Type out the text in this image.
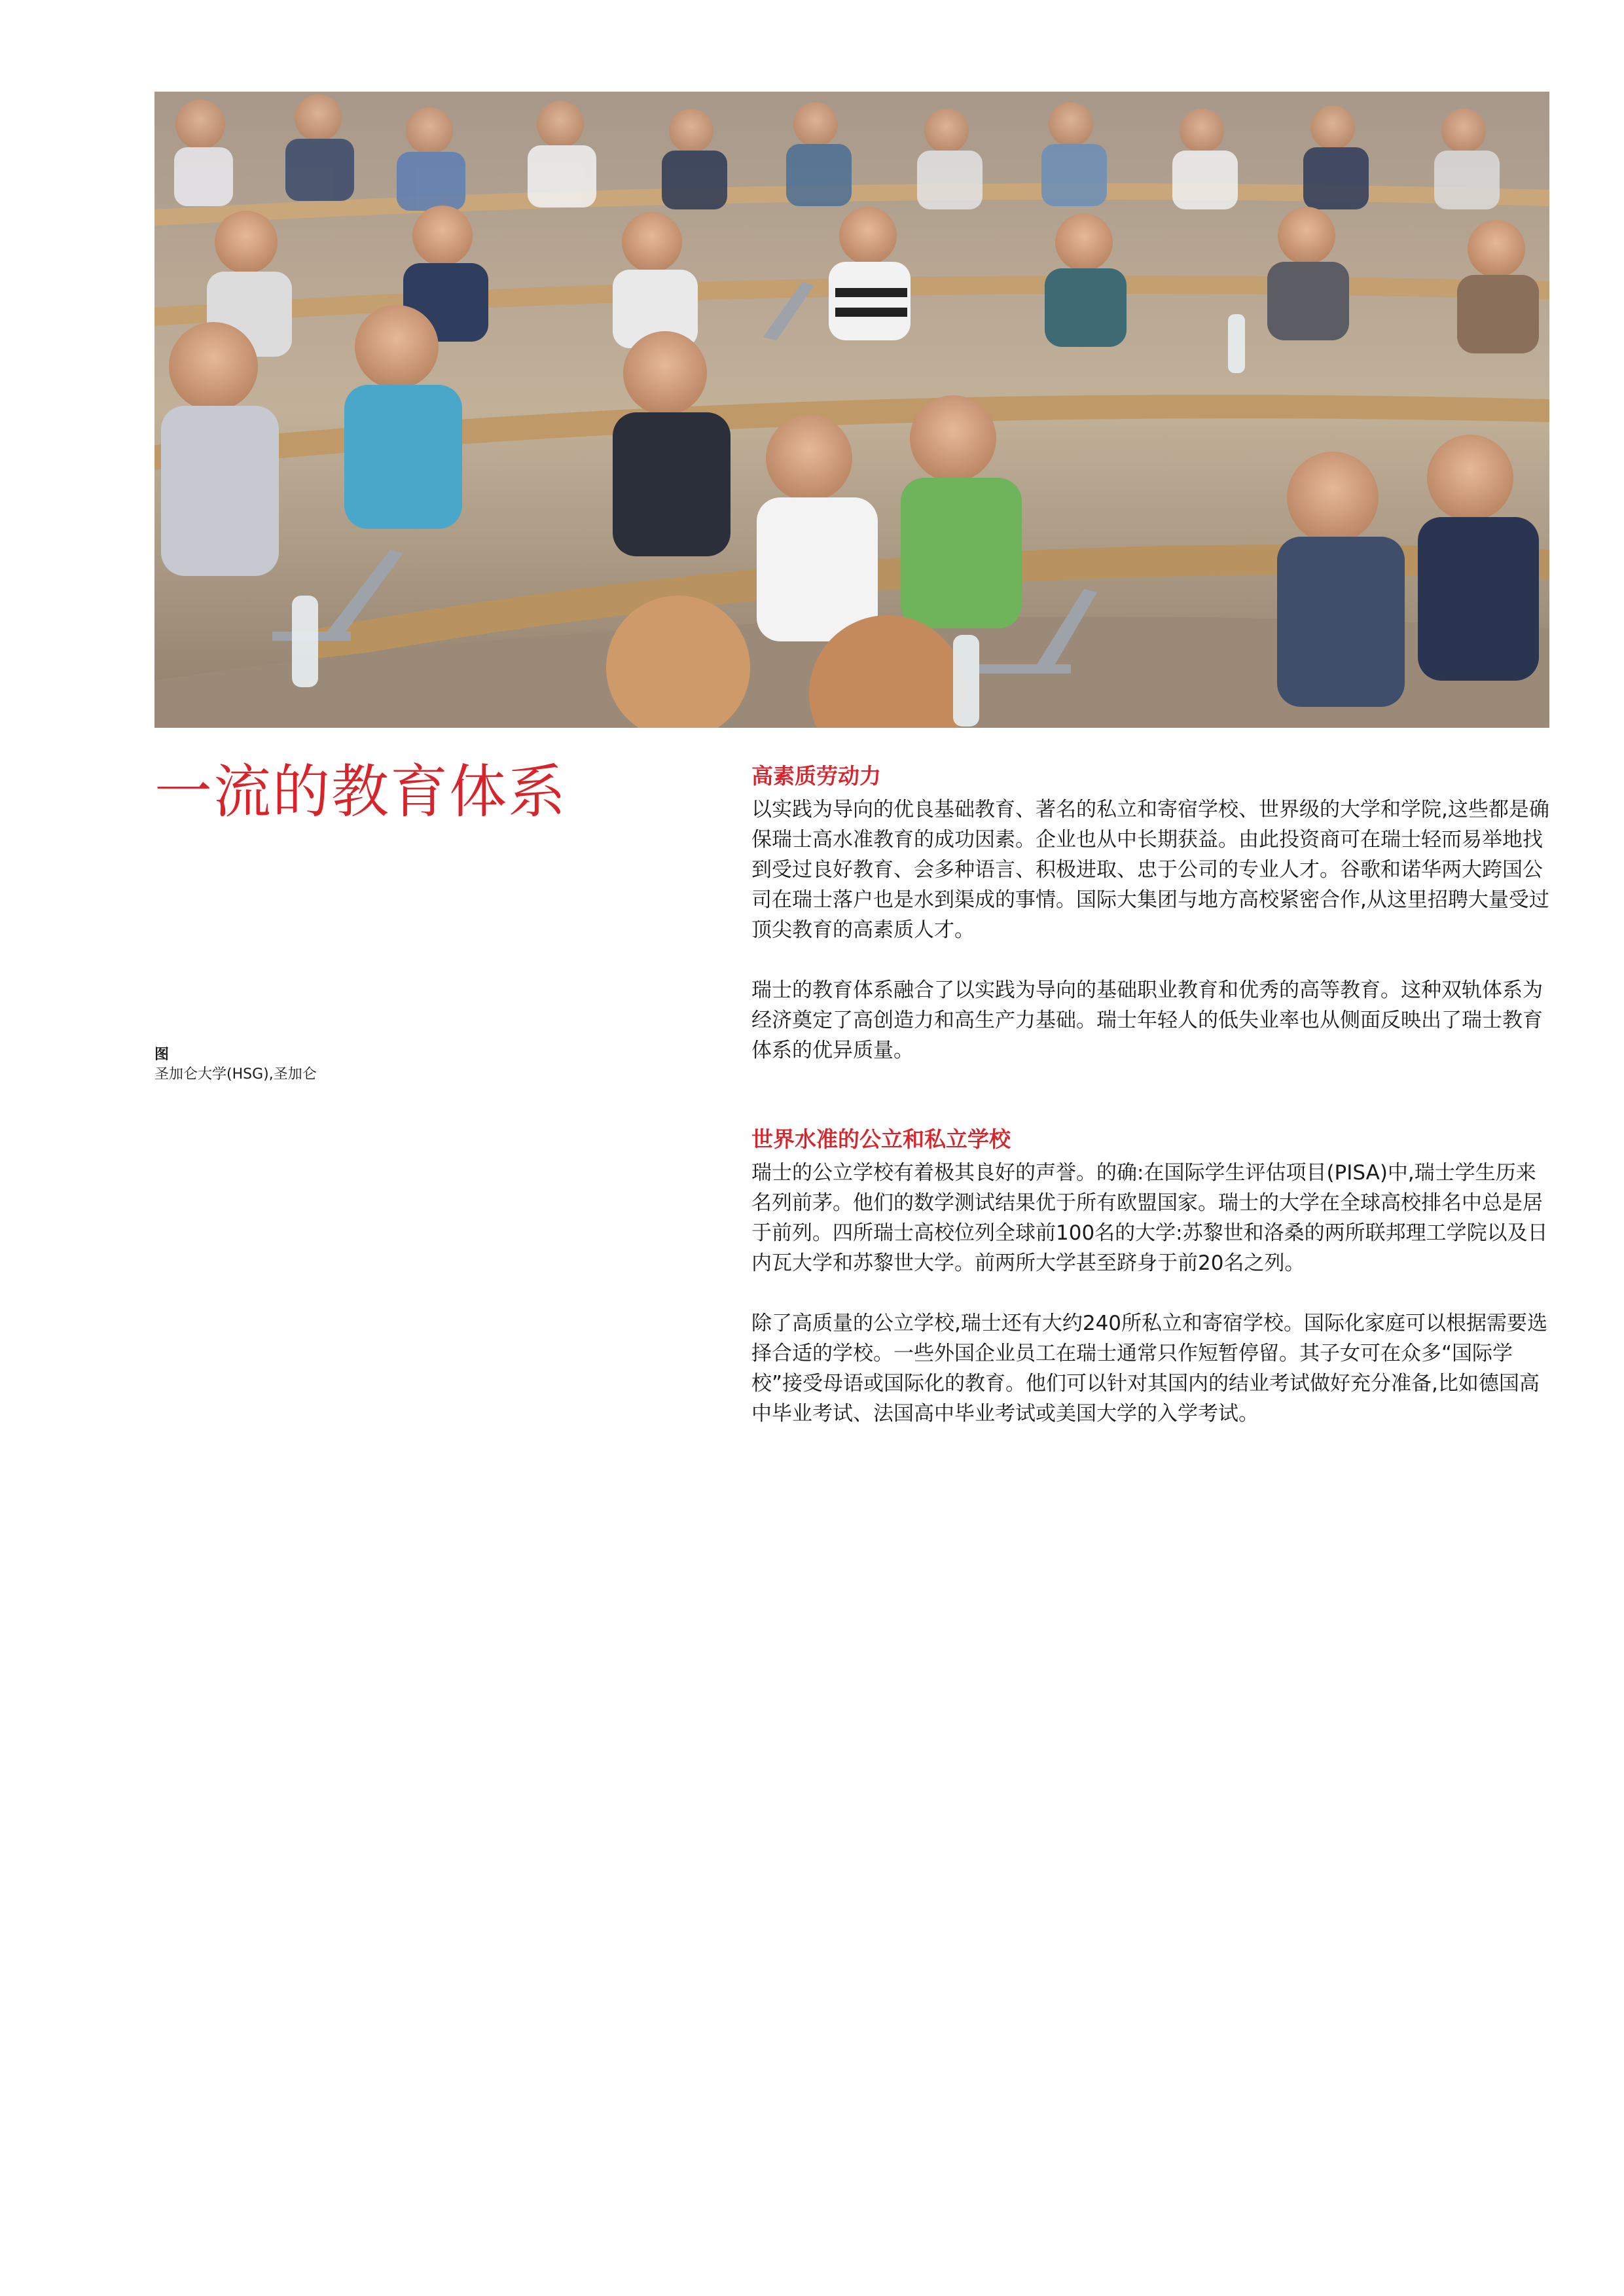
一流的教育体系
图
圣加仑大学(HSG),圣加仑
高素质劳动力

以实践为导向的优良基础教育、著名的私立和寄宿学校、世界级的大学和学院,这些都是确保瑞士高水准教育的成功因素。企业也从中长期获益。由此投资商可在瑞士轻而易举地找到受过良好教育、会多种语言、积极进取、忠于公司的专业人才。谷歌和诺华两大跨国公司在瑞士落户也是水到渠成的事情。国际大集团与地方高校紧密合作,从这里招聘大量受过顶尖教育的高素质人才。

瑞士的教育体系融合了以实践为导向的基础职业教育和优秀的高等教育。这种双轨体系为经济奠定了高创造力和高生产力基础。瑞士年轻人的低失业率也从侧面反映出了瑞士教育体系的优异质量。

世界水准的公立和私立学校

瑞士的公立学校有着极其良好的声誉。的确:在国际学生评估项目(PISA)中,瑞士学生历来名列前茅。他们的数学测试结果优于所有欧盟国家。瑞士的大学在全球高校排名中总是居于前列。四所瑞士高校位列全球前100名的大学:苏黎世和洛桑的两所联邦理工学院以及日内瓦大学和苏黎世大学。前两所大学甚至跻身于前20名之列。

除了高质量的公立学校,瑞士还有大约240所私立和寄宿学校。国际化家庭可以根据需要选择合适的学校。一些外国企业员工在瑞士通常只作短暂停留。其子女可在众多“国际学校”接受母语或国际化的教育。他们可以针对其国内的结业考试做好充分准备,比如德国高中毕业考试、法国高中毕业考试或美国大学的入学考试。
